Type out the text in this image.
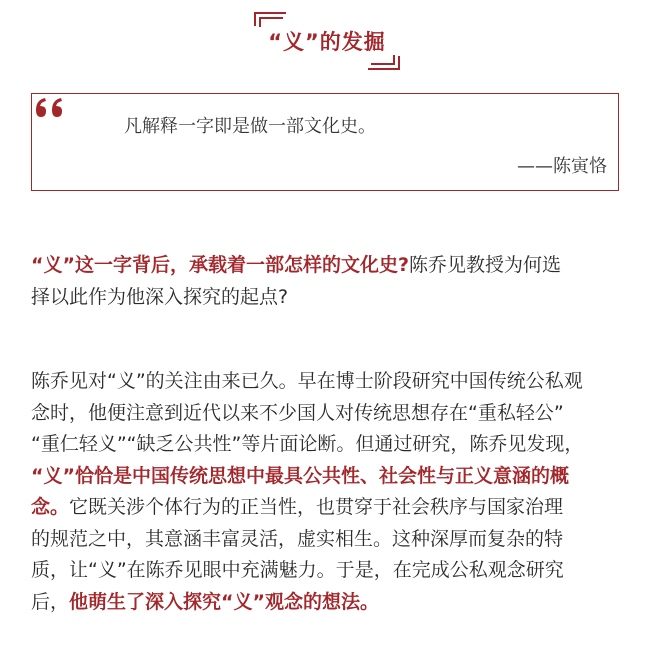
“义”的发掘
凡解释一字即是做一部文化史。
——陈寅恪
“义”这一字背后，承载着一部怎样的文化史?陈乔见教授为何选
择以此作为他深入探究的起点?
陈乔见对“义”的关注由来已久。早在博士阶段研究中国传统公私观
念时，他便注意到近代以来不少国人对传统思想存在“重私轻公”
“重仁轻义”“缺乏公共性”等片面论断。但通过研究，陈乔见发现，
“义”恰恰是中国传统思想中最具公共性、社会性与正义意涵的概
念。它既关涉个体行为的正当性，也贯穿于社会秩序与国家治理
的规范之中，其意涵丰富灵活，虚实相生。这种深厚而复杂的特
质，让“义”在陈乔见眼中充满魅力。于是，在完成公私观念研究
后，他萌生了深入探究“义”观念的想法。
